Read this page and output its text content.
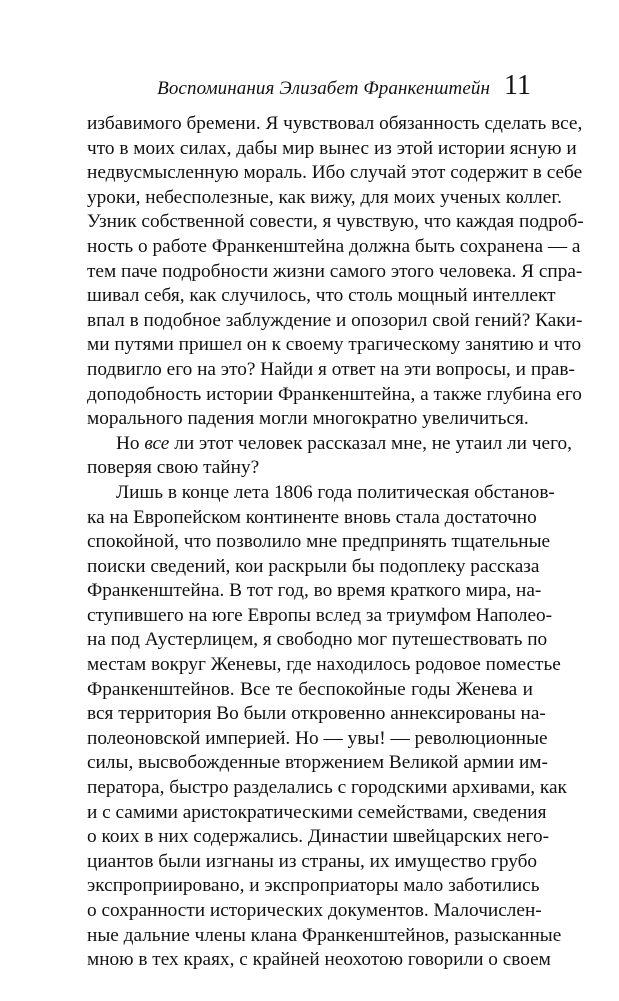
Воспоминания Элизабет Франкенштейн 11
избавимого бремени. Я чувствовал обязанность сделать все,
что в моих силах, дабы мир вынес из этой истории ясную и
недвусмысленную мораль. Ибо случай этот содержит в себе
уроки, небесполезные, как вижу, для моих ученых коллег.
Узник собственной совести, я чувствую, что каждая подроб-
ность о работе Франкенштейна должна быть сохранена — а
тем паче подробности жизни самого этого человека. Я спра-
шивал себя, как случилось, что столь мощный интеллект
впал в подобное заблуждение и опозорил свой гений? Каки-
ми путями пришел он к своему трагическому занятию и что
подвигло его на это? Найди я ответ на эти вопросы, и прав-
доподобность истории Франкенштейна, а также глубина его
морального падения могли многократно увеличиться.
Но все ли этот человек рассказал мне, не утаил ли чего,
поверяя свою тайну?
Лишь в конце лета 1806 года политическая обстанов-
ка на Европейском континенте вновь стала достаточно
спокойной, что позволило мне предпринять тщательные
поиски сведений, кои раскрыли бы подоплеку рассказа
Франкенштейна. В тот год, во время краткого мира, на-
ступившего на юге Европы вслед за триумфом Наполео-
на под Аустерлицем, я свободно мог путешествовать по
местам вокруг Женевы, где находилось родовое поместье
Франкенштейнов. Все те беспокойные годы Женева и
вся территория Во были откровенно аннексированы на-
полеоновской империей. Но — увы! — революционные
силы, высвобожденные вторжением Великой армии им-
ператора, быстро разделались с городскими архивами, как
и с самими аристократическими семействами, сведения
о коих в них содержались. Династии швейцарских него-
циантов были изгнаны из страны, их имущество грубо
экспроприировано, и экспроприаторы мало заботились
о сохранности исторических документов. Малочислен-
ные дальние члены клана Франкенштейнов, разысканные
мною в тех краях, с крайней неохотою говорили о своем
